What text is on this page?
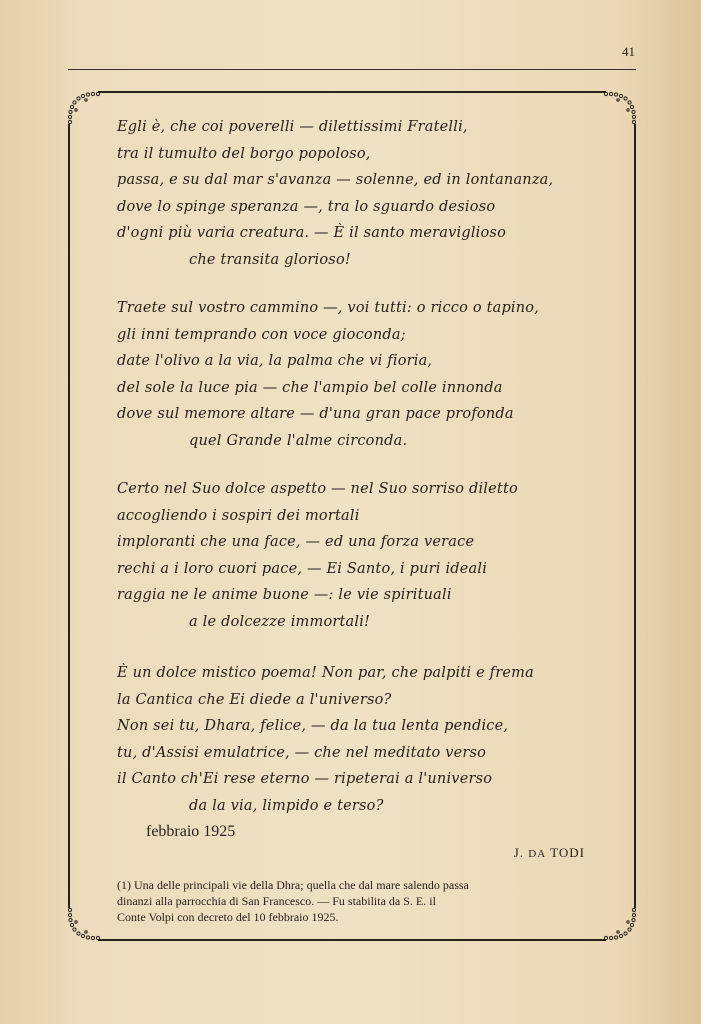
41
Egli è, che coi poverelli — dilettissimi Fratelli,
tra il tumulto del borgo popoloso,
passa, e su dal mar s'avanza — solenne, ed in lontananza,
dove lo spinge speranza —, tra lo sguardo desioso
d'ogni più varia creatura. — È il santo meraviglioso
che transita glorioso!
Traete sul vostro cammino —, voi tutti: o ricco o tapino,
gli inni temprando con voce gioconda;
date l'olivo a la via, la palma che vi fioria,
del sole la luce pia — che l'ampio bel colle innonda
dove sul memore altare — d'una gran pace profonda
quel Grande l'alme circonda.
Certo nel Suo dolce aspetto — nel Suo sorriso diletto
accogliendo i sospiri dei mortali
imploranti che una face, — ed una forza verace
rechi a i loro cuori pace, — Ei Santo, i puri ideali
raggia ne le anime buone —: le vie spirituali
a le dolcezze immortali!
È un dolce mistico poema! Non par, che palpiti e frema
la Cantica che Ei diede a l'universo?
Non sei tu, Dhara, felice, — da la tua lenta pendice,
tu, d'Assisi emulatrice, — che nel meditato verso
il Canto ch'Ei rese eterno — ripeterai a l'universo
da la via, limpido e terso?
febbraio 1925
J. DA TODI
(1) Una delle principali vie della Dhra; quella che dal mare salendo passa
dinanzi alla parrocchia di San Francesco. — Fu stabilita da S. E. il
Conte Volpi con decreto del 10 febbraio 1925.
